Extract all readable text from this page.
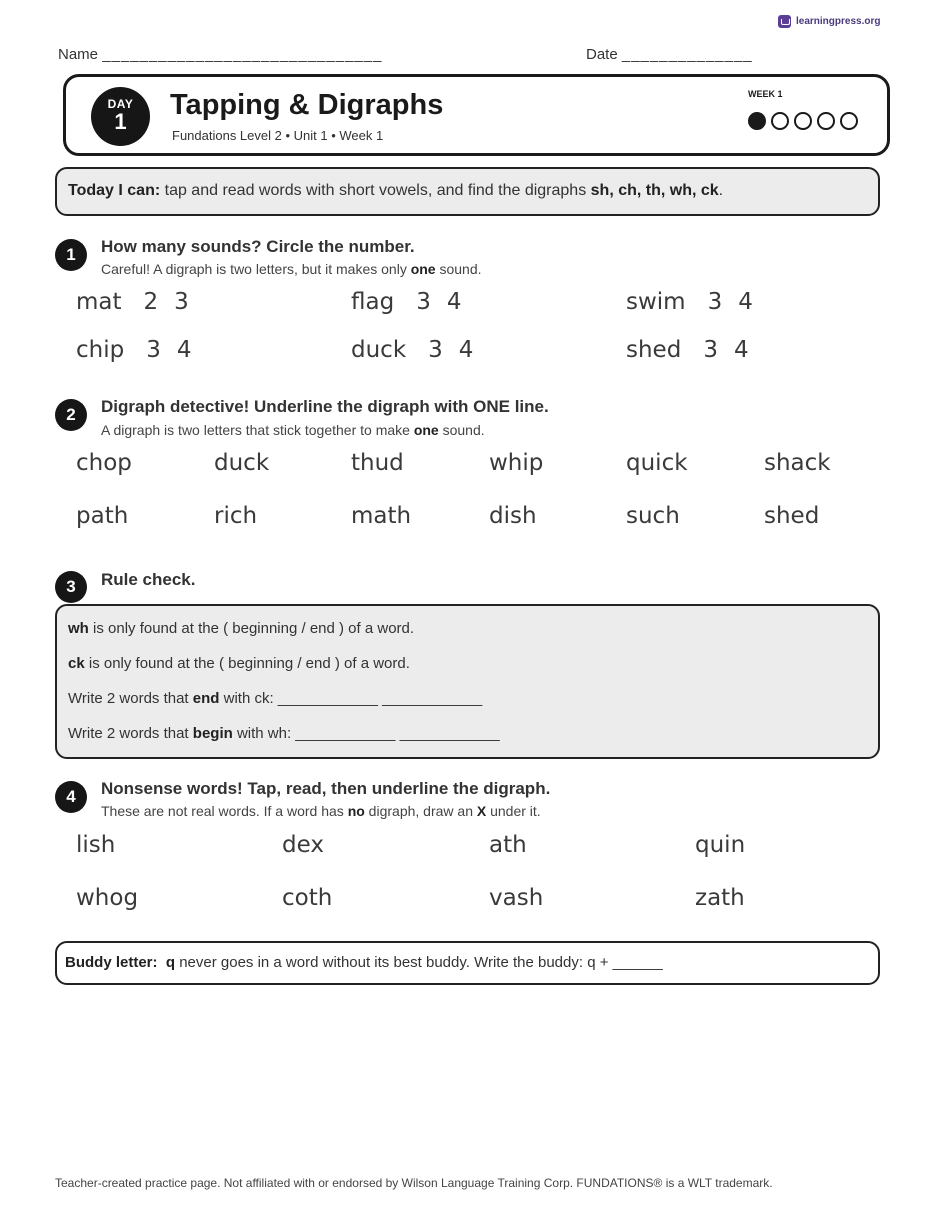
learningpress.org
Name ______________________________	Date ______________
DAY
1
Tapping & Digraphs
Fundations Level 2 • Unit 1 • Week 1
WEEK 1
Today I can: tap and read words with short vowels, and find the digraphs sh, ch, th, wh, ck.
1	How many sounds? Circle the number.
Careful! A digraph is two letters, but it makes only one sound.
mat 2 3	flag 3 4	swim 3 4
chip 3 4	duck 3 4	shed 3 4
2	Digraph detective! Underline the digraph with ONE line.
A digraph is two letters that stick together to make one sound.
chop	duck	thud	whip	quick	shack
path	rich	math	dish	such	shed
3	Rule check.
wh is only found at the ( beginning / end ) of a word.
ck is only found at the ( beginning / end ) of a word.
Write 2 words that end with ck: ____________ ____________
Write 2 words that begin with wh: ____________ ____________
4	Nonsense words! Tap, read, then underline the digraph.
These are not real words. If a word has no digraph, draw an X under it.
lish	dex	ath	quin
whog	coth	vash	zath
Buddy letter: q never goes in a word without its best buddy. Write the buddy: q + ______
Teacher-created practice page. Not affiliated with or endorsed by Wilson Language Training Corp. FUNDATIONS® is a WLT trademark.
